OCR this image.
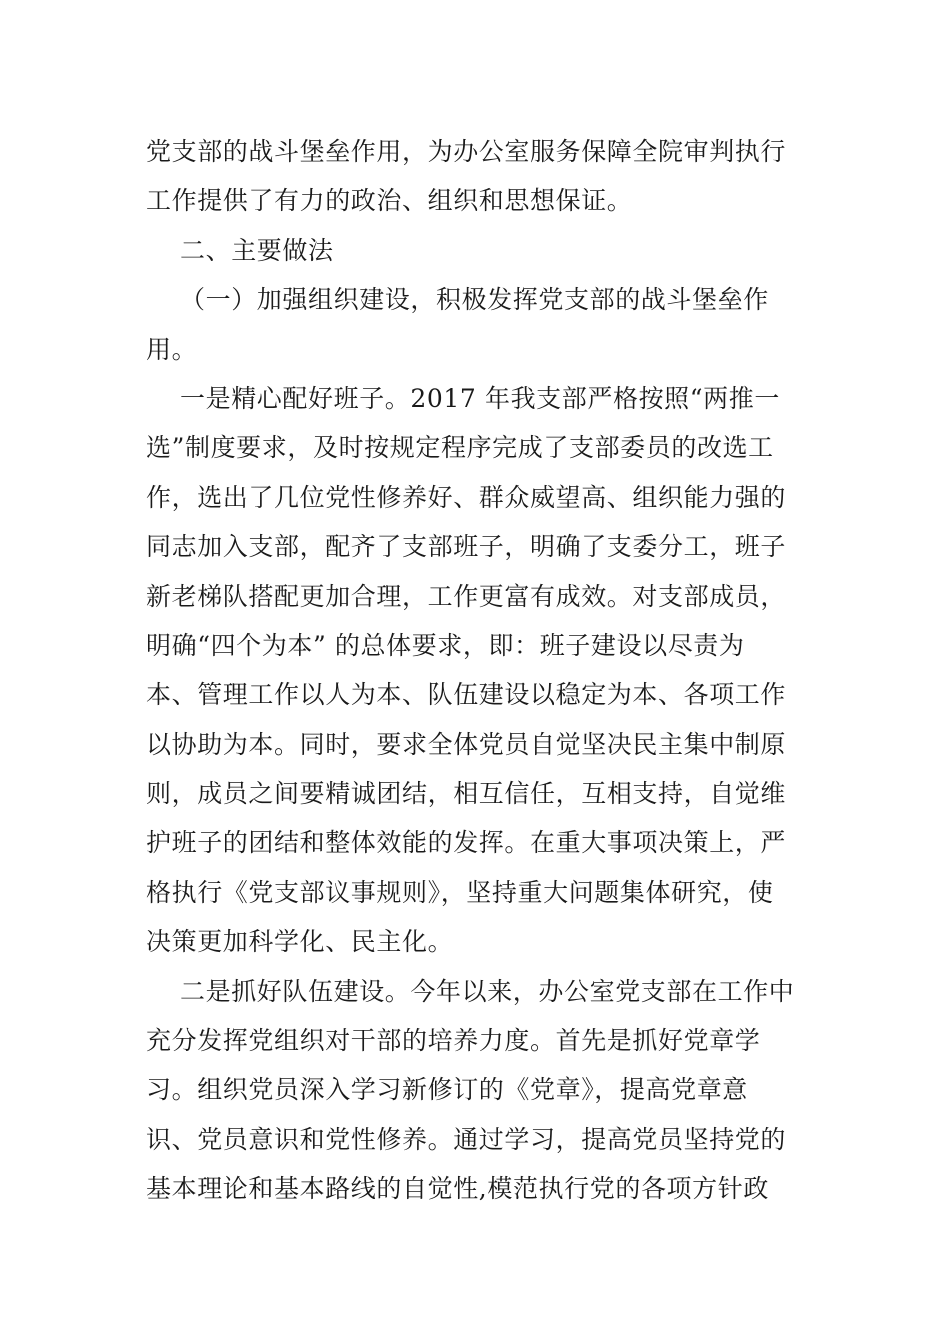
党支部的战斗堡垒作用，为办公室服务保障全院审判执行
工作提供了有力的政治、组织和思想保证。
二、主要做法
（一）加强组织建设，积极发挥党支部的战斗堡垒作
用。
一是精心配好班子。2017 年我支部严格按照“两推一
选”制度要求，及时按规定程序完成了支部委员的改选工
作，选出了几位党性修养好、群众威望高、组织能力强的
同志加入支部，配齐了支部班子，明确了支委分工，班子
新老梯队搭配更加合理，工作更富有成效。对支部成员，
明确“四个为本” 的总体要求，即：班子建设以尽责为
本、管理工作以人为本、队伍建设以稳定为本、各项工作
以协助为本。同时，要求全体党员自觉坚决民主集中制原
则，成员之间要精诚团结，相互信任，互相支持，自觉维
护班子的团结和整体效能的发挥。在重大事项决策上，严
格执行《党支部议事规则》，坚持重大问题集体研究，使
决策更加科学化、民主化。
二是抓好队伍建设。今年以来，办公室党支部在工作中
充分发挥党组织对干部的培养力度。首先是抓好党章学
习。组织党员深入学习新修订的《党章》，提高党章意
识、党员意识和党性修养。通过学习，提高党员坚持党的
基本理论和基本路线的自觉性,模范执行党的各项方针政
